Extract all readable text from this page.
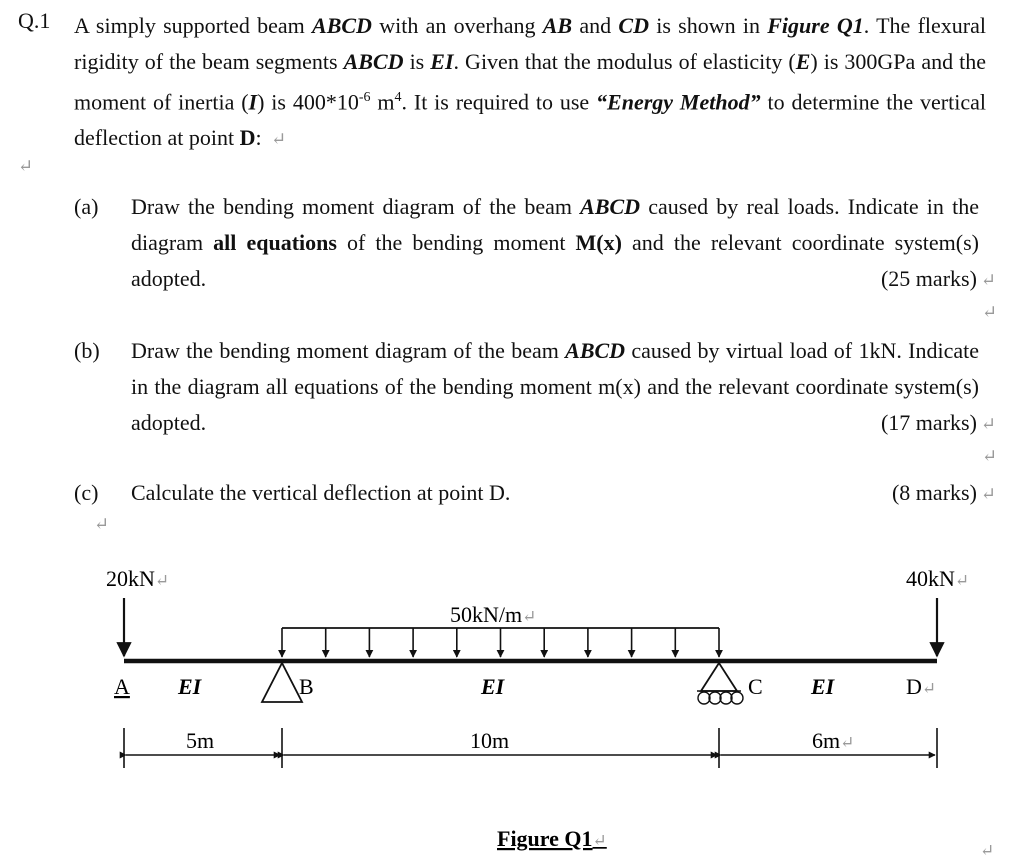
Q.1 A simply supported beam ABCD with an overhang AB and CD is shown in Figure Q1. The flexural rigidity of the beam segments ABCD is EI. Given that the modulus of elasticity (E) is 300GPa and the moment of inertia (I) is $400*10^{-6}$ $m^4$. It is required to use “Energy Method” to determine the vertical deflection at point D: ↵
↵
(a) Draw the bending moment diagram of the beam ABCD caused by real loads. Indicate in the diagram all equations of the bending moment M(x) and the relevant coordinate system(s) adopted.	(25 marks) ↵
↵
(b) Draw the bending moment diagram of the beam ABCD caused by virtual load of 1kN. Indicate in the diagram all equations of the bending moment m(x) and the relevant coordinate system(s) adopted.	(17 marks) ↵
↵
(c) Calculate the vertical deflection at point D.	(8 marks) ↵
↵
20kN↵	40kN↵
50kN/m↵
A	B	C	D↵
EI	EI	EI
5m	10m	6m↵
Figure Q1↵
↵
